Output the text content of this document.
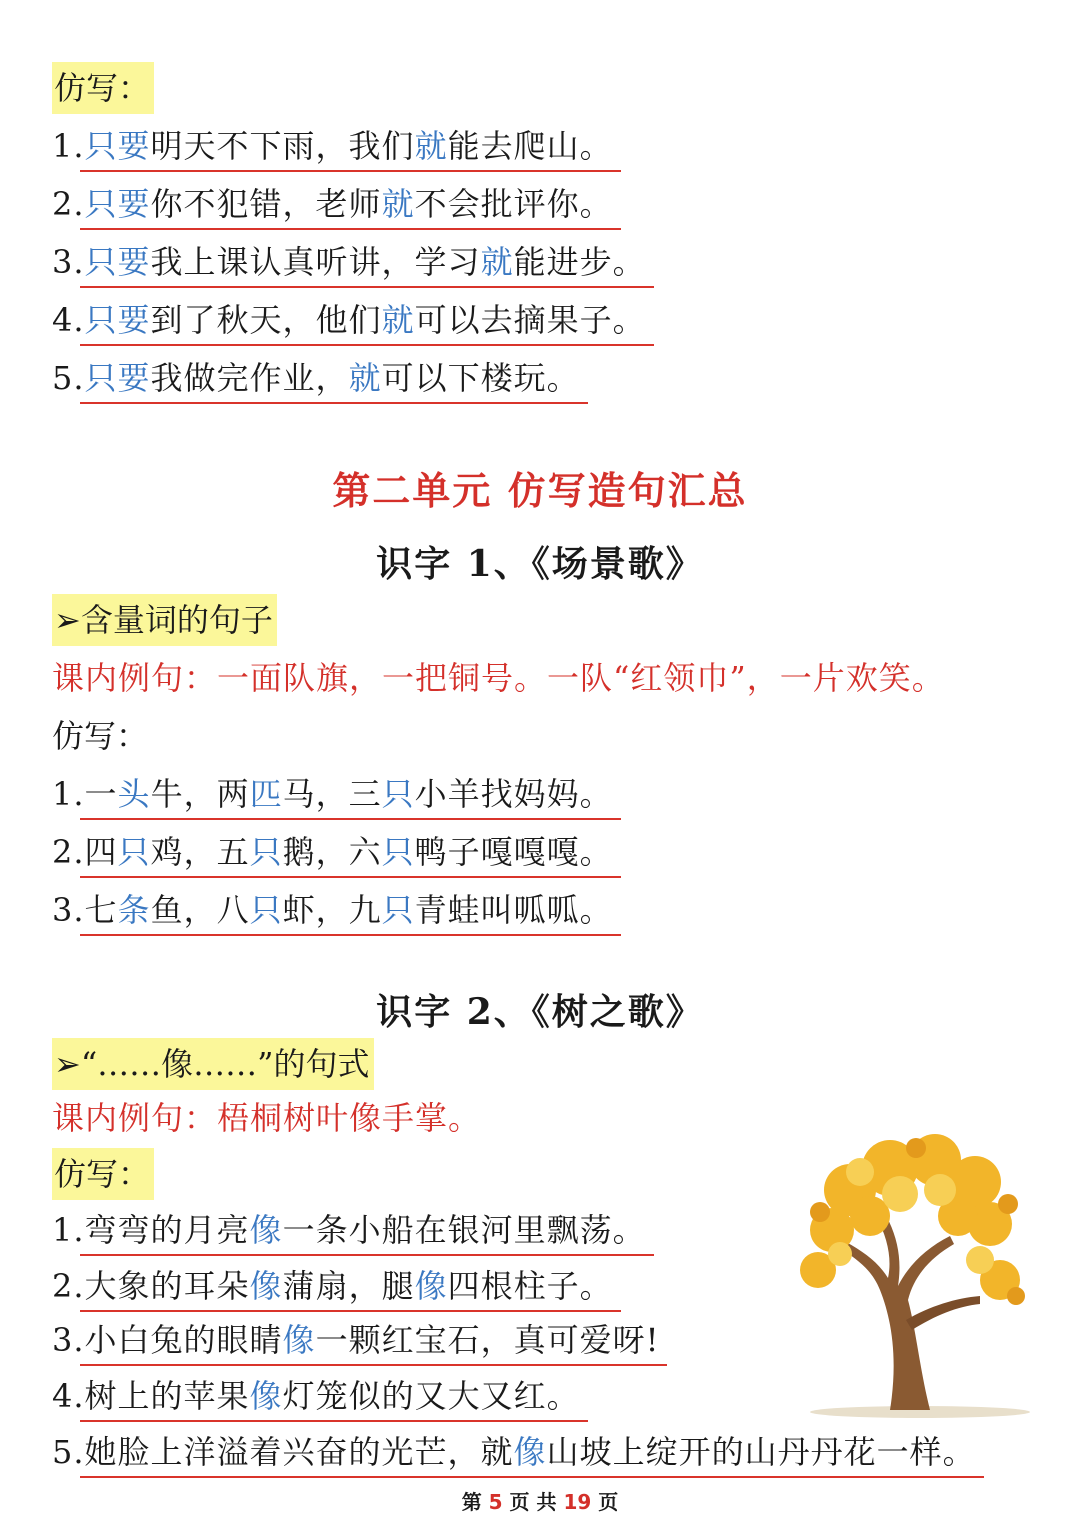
仿写：
1.只要明天不下雨，我们就能去爬山。
2.只要你不犯错，老师就不会批评你。
3.只要我上课认真听讲，学习就能进步。
4.只要到了秋天，他们就可以去摘果子。
5.只要我做完作业，就可以下楼玩。
第二单元 仿写造句汇总
识字 1、《场景歌》
➢含量词的句子
课内例句：一面队旗，一把铜号。一队“红领巾”，一片欢笑。
仿写：
1.一头牛，两匹马，三只小羊找妈妈。
2.四只鸡，五只鹅，六只鸭子嘎嘎嘎。
3.七条鱼，八只虾，九只青蛙叫呱呱。
识字 2、《树之歌》
➢“……像……”的句式
课内例句：梧桐树叶像手掌。
仿写：
1.弯弯的月亮像一条小船在银河里飘荡。
2.大象的耳朵像蒲扇，腿像四根柱子。
3.小白兔的眼睛像一颗红宝石，真可爱呀!
4.树上的苹果像灯笼似的又大又红。
5.她脸上洋溢着兴奋的光芒，就像山坡上绽开的山丹丹花一样。
第 5 页 共 19 页
